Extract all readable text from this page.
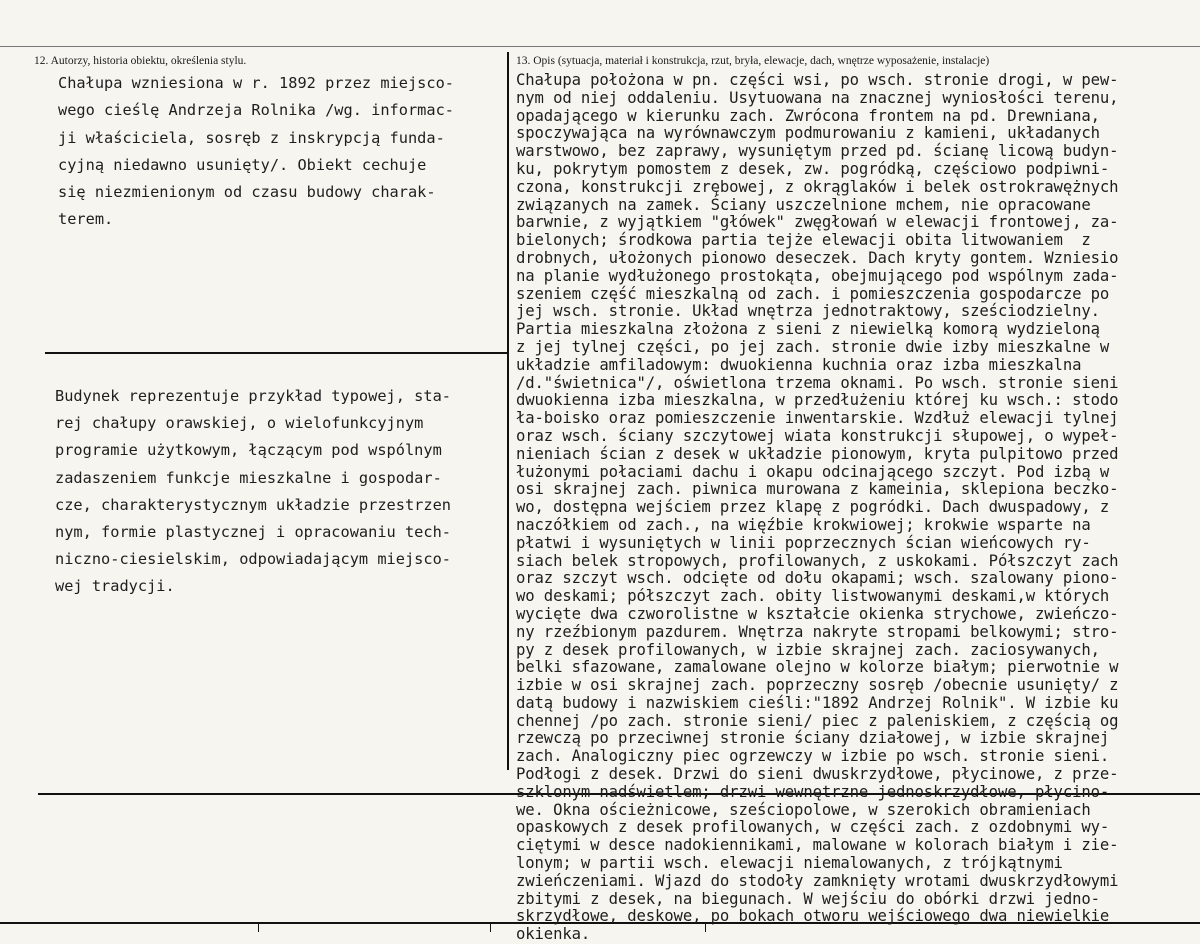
12. Autorzy, historia obiektu, określenia stylu.	13. Opis (sytuacja, materiał i konstrukcja, rzut, bryła, elewacje, dach, wnętrze wyposażenie, instalacje)
Chałupa wzniesiona w r. 1892 przez miejsco-
wego cieślę Andrzeja Rolnika /wg. informac-
ji właściciela, sosręb z inskrypcją funda-
cyjną niedawno usunięty/. Obiekt cechuje
się niezmienionym od czasu budowy charak-
terem.
Budynek reprezentuje przykład typowej, sta-
rej chałupy orawskiej, o wielofunkcyjnym
programie użytkowym, łączącym pod wspólnym
zadaszeniem funkcje mieszkalne i gospodar-
cze, charakterystycznym układzie przestrzen
nym, formie plastycznej i opracowaniu tech-
niczno-ciesielskim, odpowiadającym miejsco-
wej tradycji.
Chałupa położona w pn. części wsi, po wsch. stronie drogi, w pew-
nym od niej oddaleniu. Usytuowana na znacznej wyniosłości terenu,
opadającego w kierunku zach. Zwrócona frontem na pd. Drewniana,
spoczywająca na wyrównawczym podmurowaniu z kamieni, układanych
warstwowo, bez zaprawy, wysuniętym przed pd. ścianę licową budyn-
ku, pokrytym pomostem z desek, zw. pogródką, częściowo podpiwni-
czona, konstrukcji zrębowej, z okrąglaków i belek ostrokrawężnych
związanych na zamek. Ściany uszczelnione mchem, nie opracowane
barwnie, z wyjątkiem "główek" zwęgłowań w elewacji frontowej, za-
bielonych; środkowa partia tejże elewacji obita litwowaniem  z
drobnych, ułożonych pionowo deseczek. Dach kryty gontem. Wzniesio
na planie wydłużonego prostokąta, obejmującego pod wspólnym zada-
szeniem część mieszkalną od zach. i pomieszczenia gospodarcze po
jej wsch. stronie. Układ wnętrza jednotraktowy, sześciodzielny.
Partia mieszkalna złożona z sieni z niewielką komorą wydzieloną
z jej tylnej części, po jej zach. stronie dwie izby mieszkalne w
układzie amfiladowym: dwuokienna kuchnia oraz izba mieszkalna
/d."świetnica"/, oświetlona trzema oknami. Po wsch. stronie sieni
dwuokienna izba mieszkalna, w przedłużeniu której ku wsch.: stodo
ła-boisko oraz pomieszczenie inwentarskie. Wzdłuż elewacji tylnej
oraz wsch. ściany szczytowej wiata konstrukcji słupowej, o wypeł-
nieniach ścian z desek w układzie pionowym, kryta pulpitowo przed
łużonymi połaciami dachu i okapu odcinającego szczyt. Pod izbą w
osi skrajnej zach. piwnica murowana z kameinia, sklepiona beczko-
wo, dostępna wejściem przez klapę z pogródki. Dach dwuspadowy, z
naczółkiem od zach., na więźbie krokwiowej; krokwie wsparte na
płatwi i wysuniętych w linii poprzecznych ścian wieńcowych ry-
siach belek stropowych, profilowanych, z uskokami. Półszczyt zach
oraz szczyt wsch. odcięte od dołu okapami; wsch. szalowany piono-
wo deskami; półszczyt zach. obity listwowanymi deskami,w których
wycięte dwa czworolistne w kształcie okienka strychowe, zwieńczo-
ny rzeźbionym pazdurem. Wnętrza nakryte stropami belkowymi; stro-
py z desek profilowanych, w izbie skrajnej zach. zaciosywanych,
belki sfazowane, zamalowane olejno w kolorze białym; pierwotnie w
izbie w osi skrajnej zach. poprzeczny sosręb /obecnie usunięty/ z
datą budowy i nazwiskiem cieśli:"1892 Andrzej Rolnik". W izbie ku
chennej /po zach. stronie sieni/ piec z paleniskiem, z częścią og
rzewczą po przeciwnej stronie ściany działowej, w izbie skrajnej
zach. Analogiczny piec ogrzewczy w izbie po wsch. stronie sieni.
Podłogi z desek. Drzwi do sieni dwuskrzydłowe, płycinowe, z prze-
szklonym nadświetlem; drzwi wewnętrzne jednoskrzydłowe, płycino-
we. Okna ościeżnicowe, sześciopolowe, w szerokich obramieniach
opaskowych z desek profilowanych, w części zach. z ozdobnymi wy-
ciętymi w desce nadokiennikami, malowane w kolorach białym i zie-
lonym; w partii wsch. elewacji niemalowanych, z trójkątnymi
zwieńczeniami. Wjazd do stodoły zamknięty wrotami dwuskrzydłowymi
zbitymi z desek, na biegunach. W wejściu do obórki drzwi jedno-
skrzydłowe, deskowe, po bokach otworu wejściowego dwa niewielkie
okienka.
